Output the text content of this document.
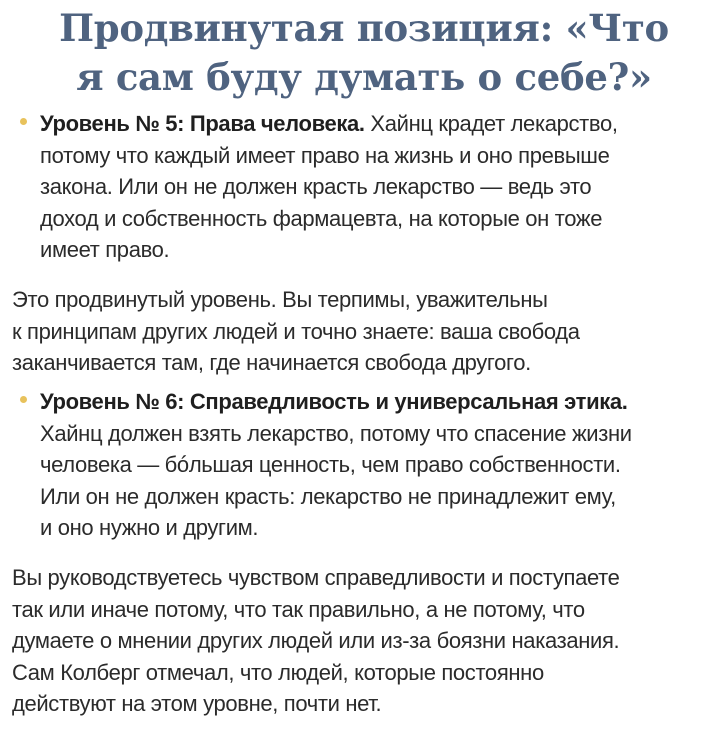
Продвинутая позиция: «Что
я сам буду думать о себе?»
Уровень № 5: Права человека. Хайнц крадет лекарство,
потому что каждый имеет право на жизнь и оно превыше
закона. Или он не должен красть лекарство — ведь это
доход и собственность фармацевта, на которые он тоже
имеет право.
Это продвинутый уровень. Вы терпимы, уважительны
к принципам других людей и точно знаете: ваша свобода
заканчивается там, где начинается свобода другого.
Уровень № 6: Справедливость и универсальная этика.
Хайнц должен взять лекарство, потому что спасение жизни
человека — бóльшая ценность, чем право собственности.
Или он не должен красть: лекарство не принадлежит ему,
и оно нужно и другим.
Вы руководствуетесь чувством справедливости и поступаете
так или иначе потому, что так правильно, а не потому, что
думаете о мнении других людей или из-за боязни наказания.
Сам Колберг отмечал, что людей, которые постоянно
действуют на этом уровне, почти нет.
